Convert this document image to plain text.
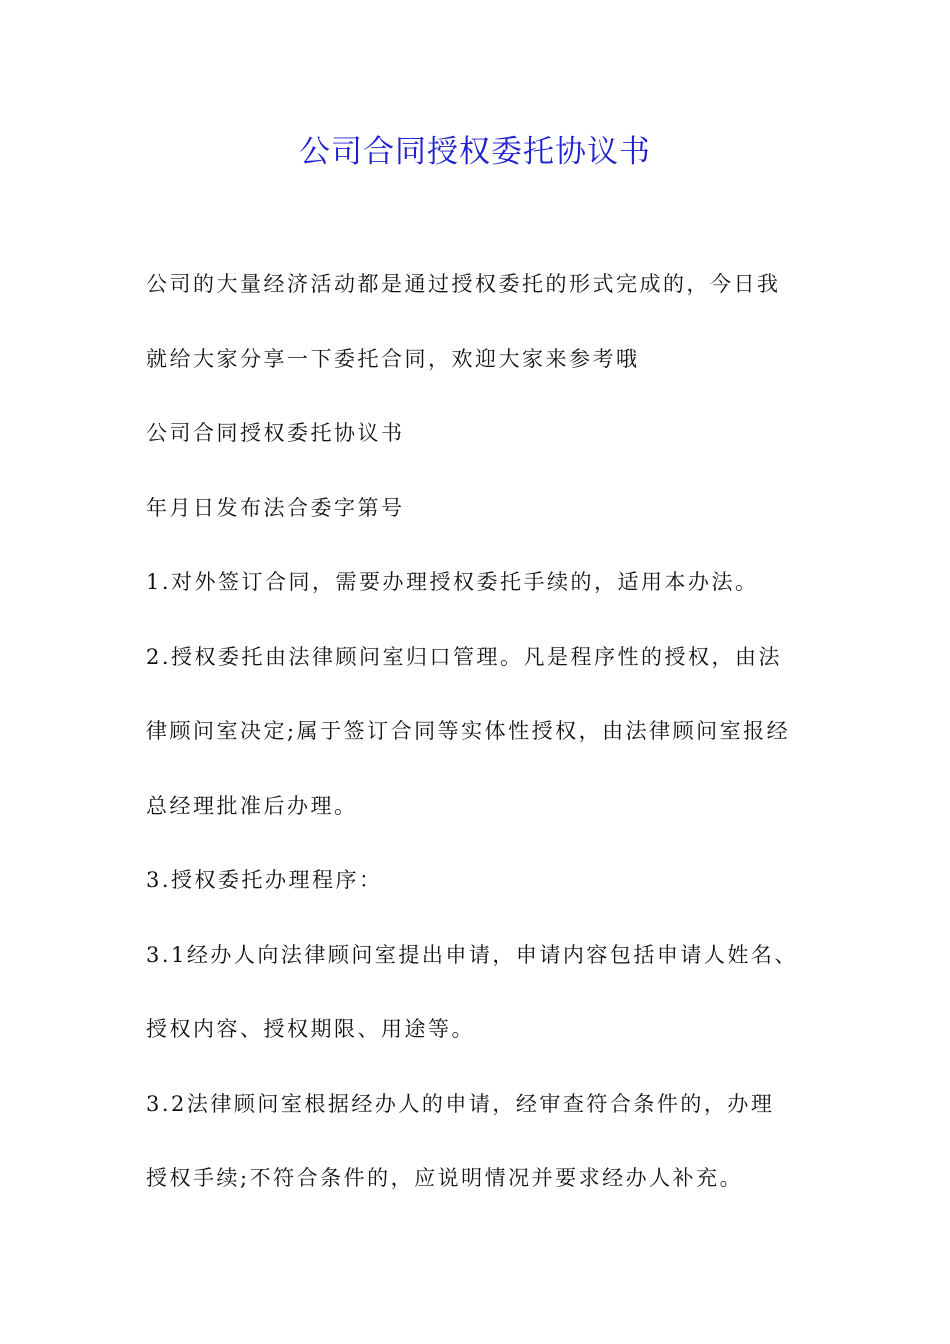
公司合同授权委托协议书

公司的大量经济活动都是通过授权委托的形式完成的，今日我

就给大家分享一下委托合同，欢迎大家来参考哦

公司合同授权委托协议书

年月日发布法合委字第号

1.对外签订合同，需要办理授权委托手续的，适用本办法。

2.授权委托由法律顾问室归口管理。凡是程序性的授权，由法

律顾问室决定;属于签订合同等实体性授权，由法律顾问室报经

总经理批准后办理。

3.授权委托办理程序：

3.1经办人向法律顾问室提出申请，申请内容包括申请人姓名、

授权内容、授权期限、用途等。

3.2法律顾问室根据经办人的申请，经审查符合条件的，办理

授权手续;不符合条件的，应说明情况并要求经办人补充。
